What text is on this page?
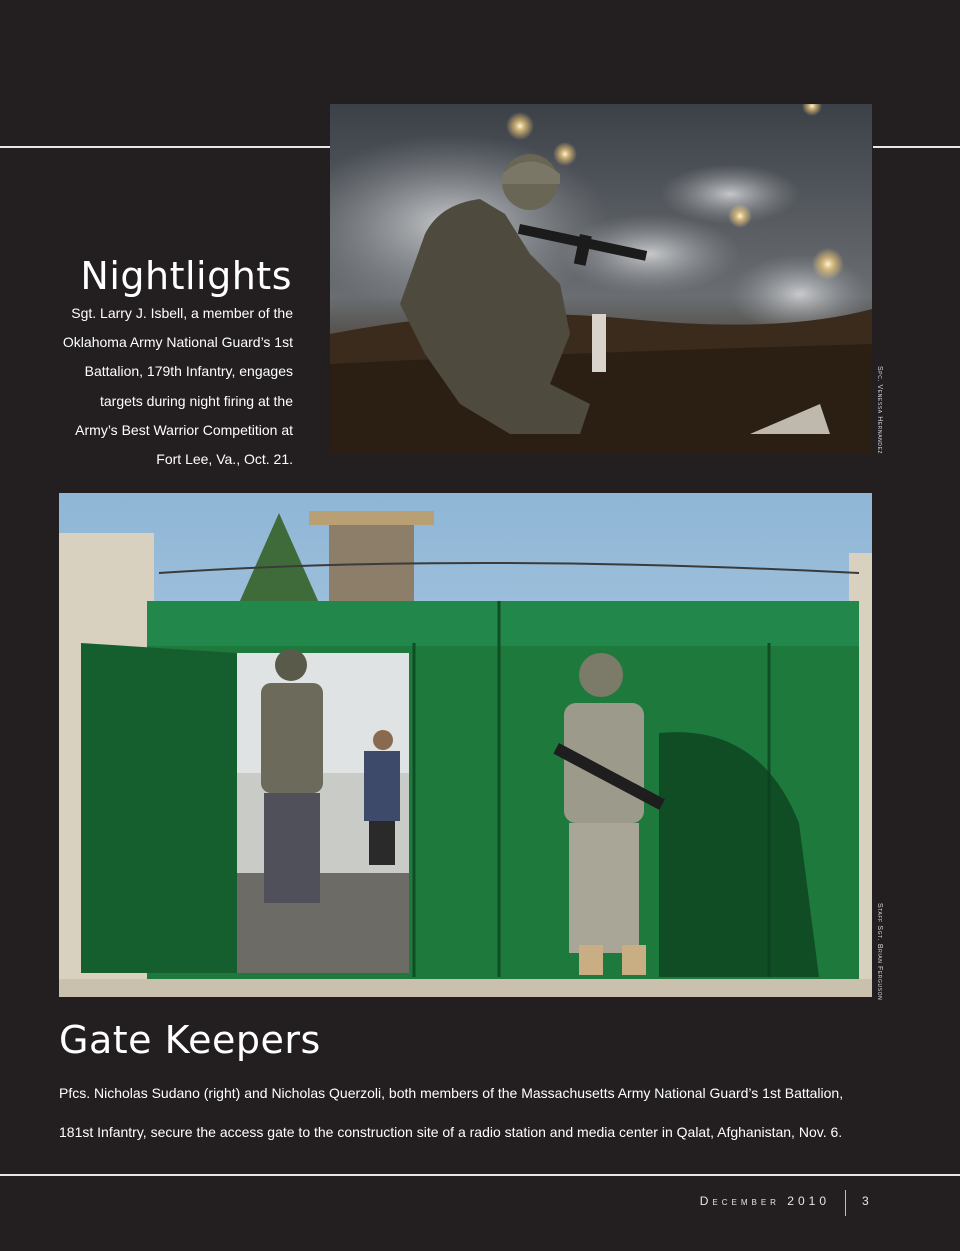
Nightlights
Sgt. Larry J. Isbell, a member of the
Oklahoma Army National Guard’s 1st
Battalion, 179th Infantry, engages
targets during night firing at the
Army’s Best Warrior Competition at
Fort Lee, Va., Oct. 21.
Spc. Venessa Hernandez
Gate Keepers
Pfcs. Nicholas Sudano (right) and Nicholas Querzoli, both members of the Massachusetts Army National Guard’s 1st Battalion,
181st Infantry, secure the access gate to the construction site of a radio station and media center in Qalat, Afghanistan, Nov. 6.
Staff Sgt. Brian Ferguson
December 2010	3
